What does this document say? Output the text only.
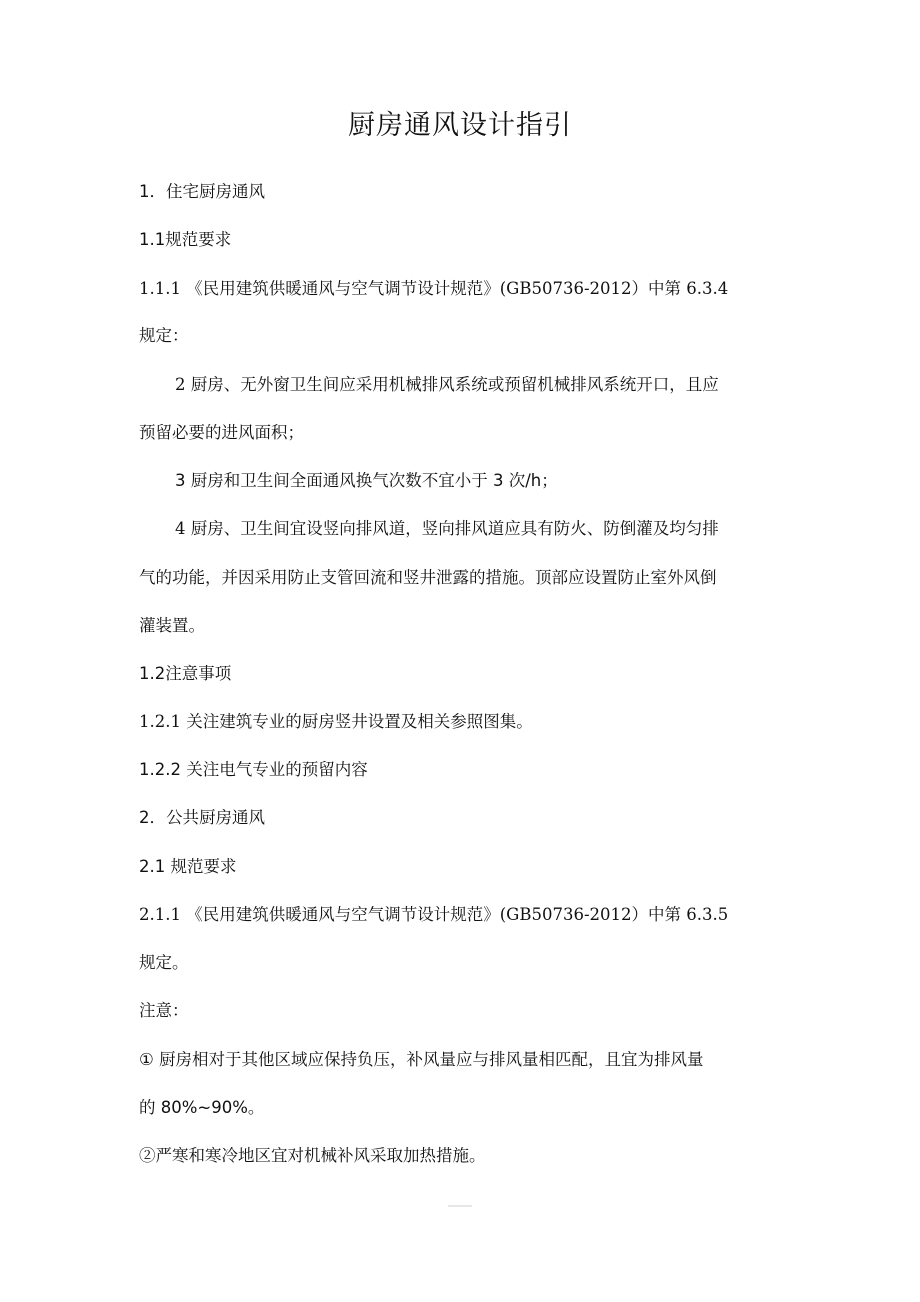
厨房通风设计指引
1．住宅厨房通风
1.1规范要求
1.1.1 《民用建筑供暖通风与空气调节设计规范》(GB50736-2012）中第 6.3.4
规定：
2 厨房、无外窗卫生间应采用机械排风系统或预留机械排风系统开口，且应
预留必要的进风面积；
3 厨房和卫生间全面通风换气次数不宜小于 3 次/h；
4 厨房、卫生间宜设竖向排风道，竖向排风道应具有防火、防倒灌及均匀排
气的功能，并因采用防止支管回流和竖井泄露的措施。顶部应设置防止室外风倒
灌装置。
1.2注意事项
1.2.1 关注建筑专业的厨房竖井设置及相关参照图集。
1.2.2 关注电气专业的预留内容
2．公共厨房通风
2.1 规范要求
2.1.1 《民用建筑供暖通风与空气调节设计规范》(GB50736-2012）中第 6.3.5
规定。
注意：
① 厨房相对于其他区域应保持负压，补风量应与排风量相匹配，且宜为排风量
的 80%~90%。
②严寒和寒冷地区宜对机械补风采取加热措施。
